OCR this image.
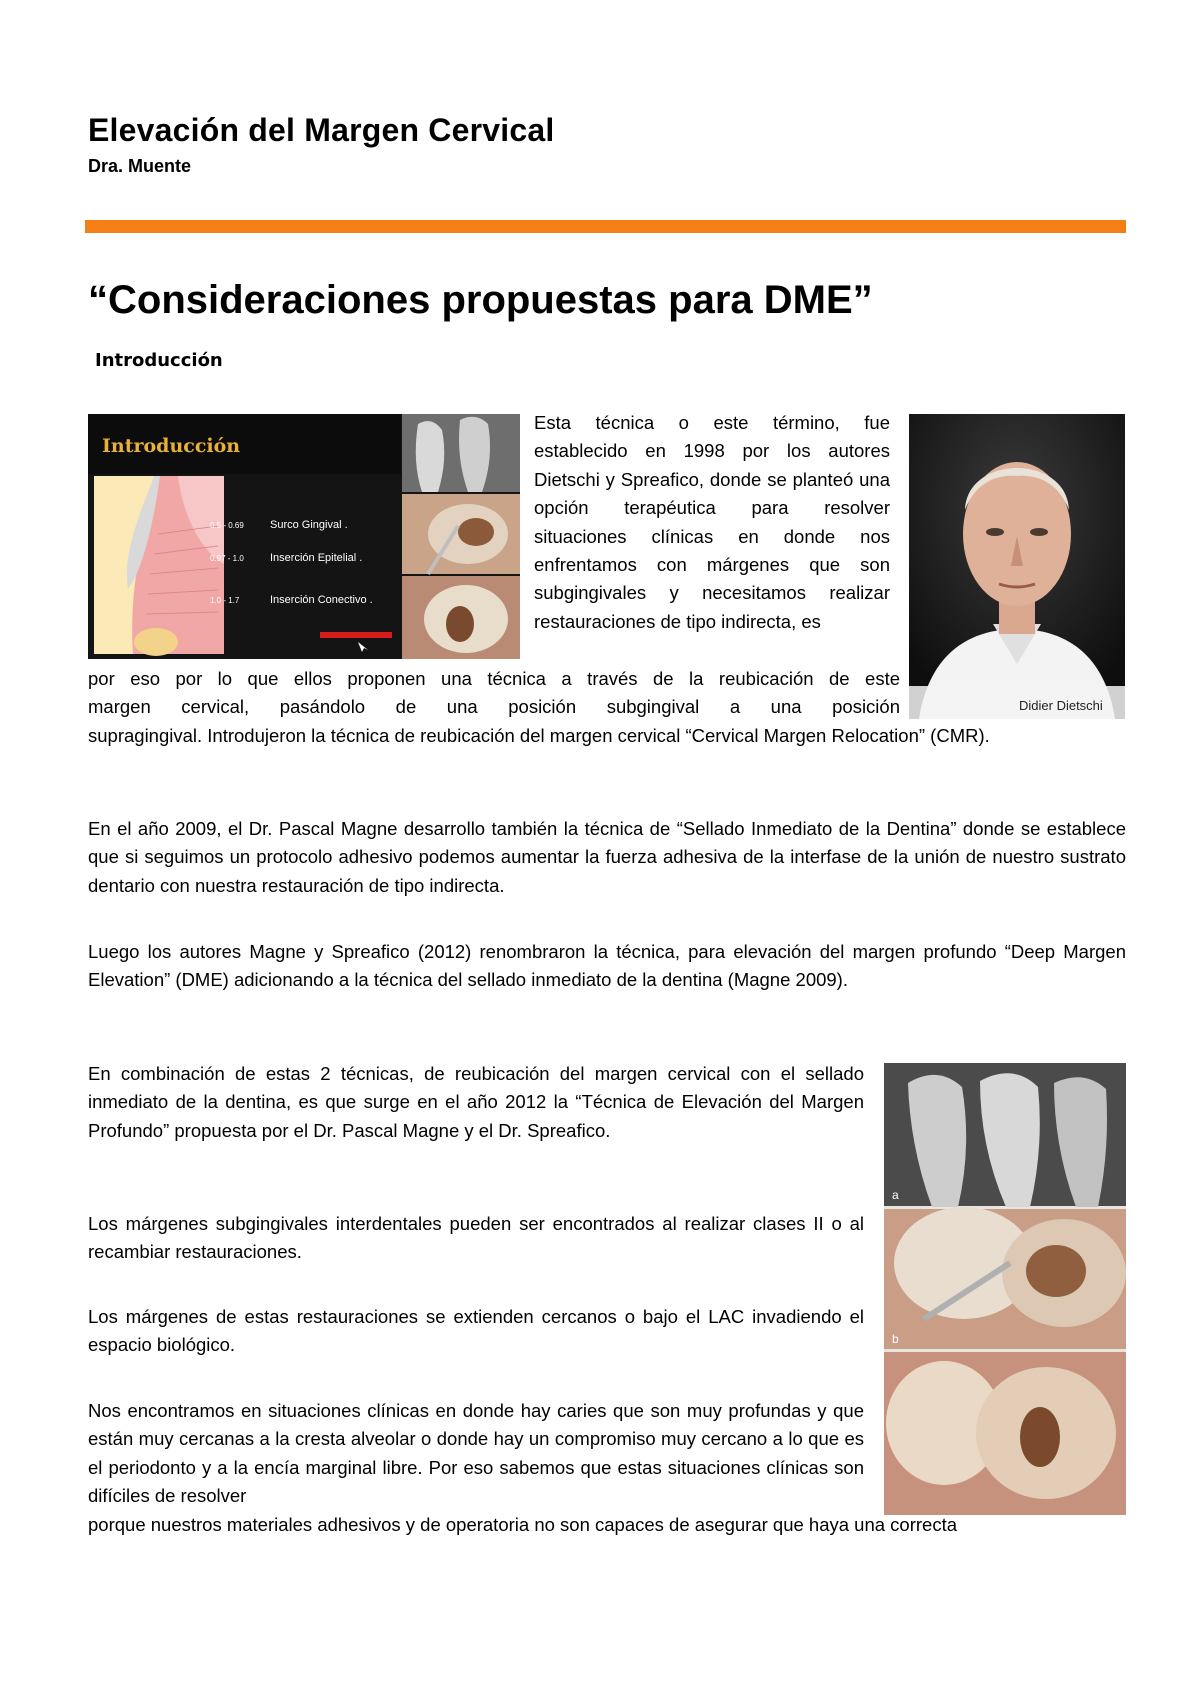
Elevación del Margen Cervical
Dra. Muente
“Consideraciones propuestas para DME”
Introducción
Introducción
0.5 - 0.69 Surco Gingival .
0.97 - 1.0 Inserción Epitelial .
1.0 - 1.7	Inserción Conectivo .
Didier Dietschi
a
b
Esta técnica o este término, fue establecido en 1998 por los autores Dietschi y Spreafico, donde se planteó una opción terapéutica para resolver situaciones clínicas en donde nos enfrentamos con márgenes que son subgingivales y necesitamos realizar restauraciones de tipo indirecta, es
por eso por lo que ellos proponen una técnica a través de la reubicación de este
margen cervical, pasándolo de una posición subgingival a una posición
supragingival. Introdujeron la técnica de reubicación del margen cervical “Cervical Margen Relocation” (CMR).
En el año 2009, el Dr. Pascal Magne desarrollo también la técnica de “Sellado Inmediato de la Dentina” donde se establece que si seguimos un protocolo adhesivo podemos aumentar la fuerza adhesiva de la interfase de la unión de nuestro sustrato dentario con nuestra restauración de tipo indirecta.
Luego los autores Magne y Spreafico (2012) renombraron la técnica, para elevación del margen profundo “Deep Margen Elevation” (DME) adicionando a la técnica del sellado inmediato de la dentina (Magne 2009).
En combinación de estas 2 técnicas, de reubicación del margen cervical con el sellado inmediato de la dentina, es que surge en el año 2012 la “Técnica de Elevación del Margen Profundo” propuesta por el Dr. Pascal Magne y el Dr. Spreafico.
Los márgenes subgingivales interdentales pueden ser encontrados al realizar clases II o al recambiar restauraciones.
Los márgenes de estas restauraciones se extienden cercanos o bajo el LAC invadiendo el espacio biológico.
Nos encontramos en situaciones clínicas en donde hay caries que son muy profundas y que están muy cercanas a la cresta alveolar o donde hay un compromiso muy cercano a lo que es el periodonto y a la encía marginal libre. Por eso sabemos que estas situaciones clínicas son difíciles de resolver
porque nuestros materiales adhesivos y de operatoria no son capaces de asegurar que haya una correcta
